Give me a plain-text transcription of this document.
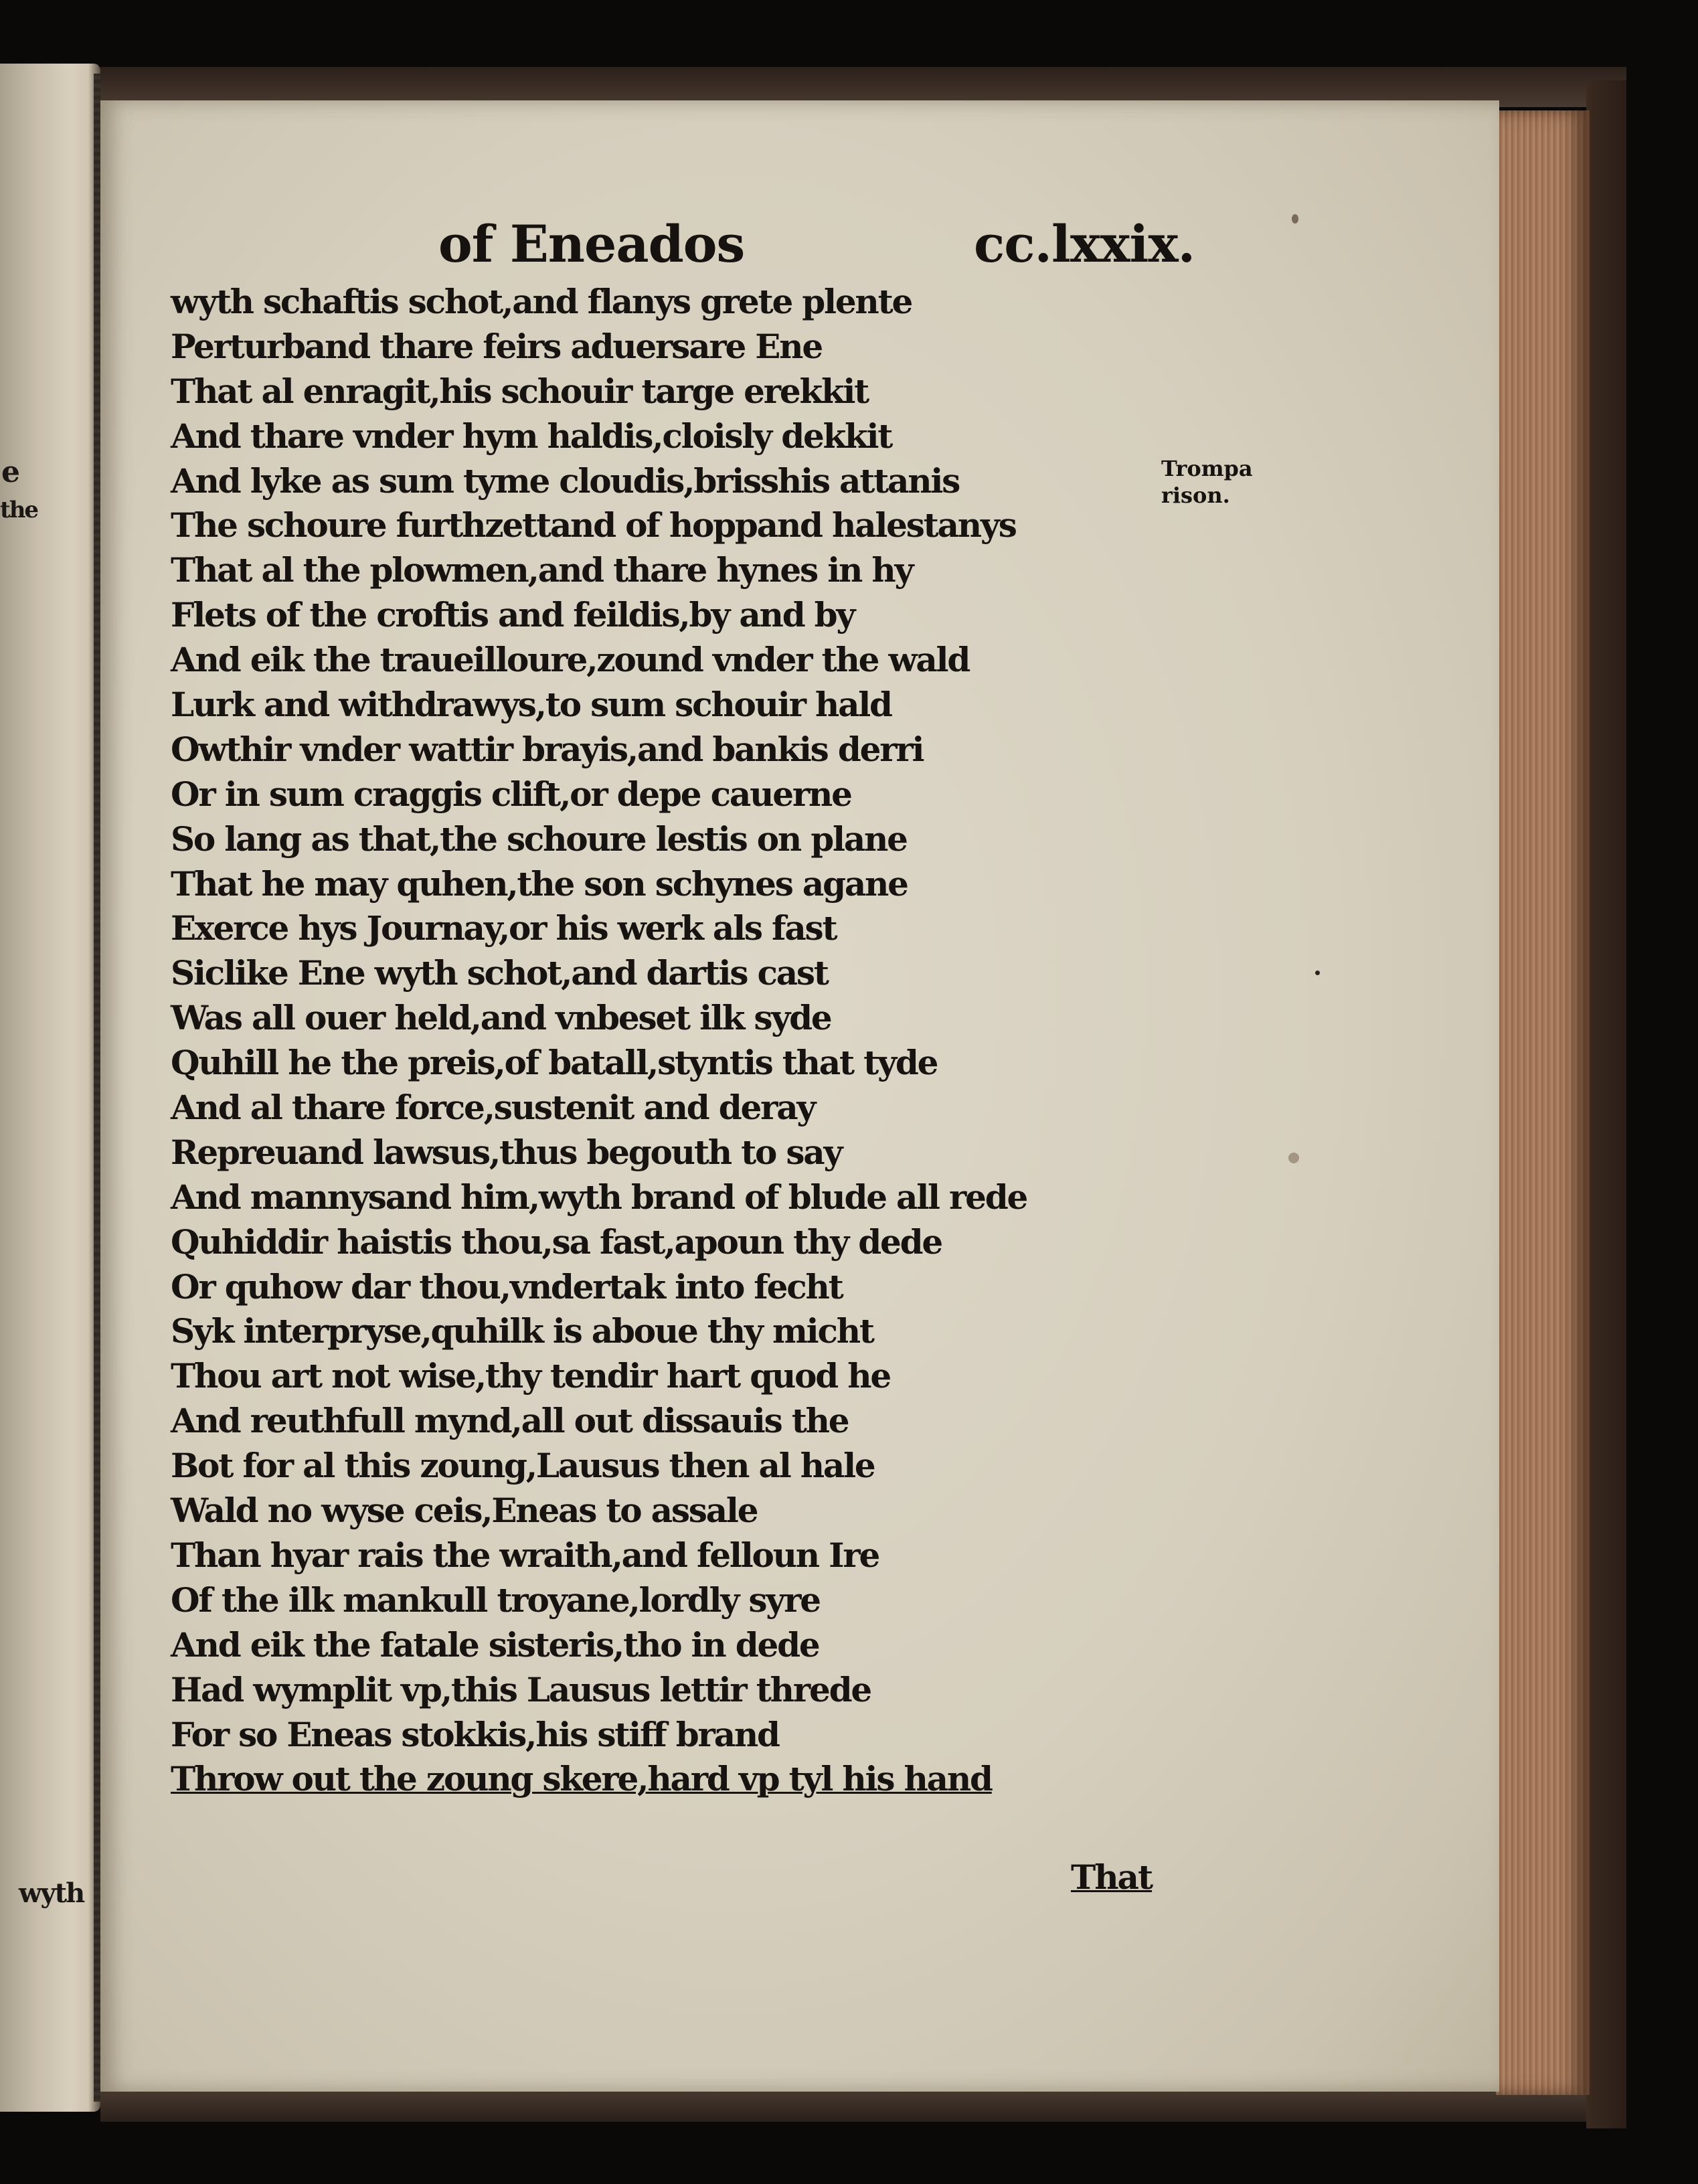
e
the
wyth
of Eneados	cc.lxxix.
wyth schaftis schot,and flanys grete plente
Perturband thare feirs aduersare Ene
That al enragit,his schouir targe erekkit
And thare vnder hym haldis,cloisly dekkit
And lyke as sum tyme cloudis,brisshis attanis
The schoure furthzettand of hoppand halestanys
That al the plowmen,and thare hynes in hy
Flets of the croftis and feildis,by and by
And eik the traueilloure,zound vnder the wald
Lurk and withdrawys,to sum schouir hald
Owthir vnder wattir brayis,and bankis derri
Or in sum craggis clift,or depe cauerne
So lang as that,the schoure lestis on plane
That he may quhen,the son schynes agane
Exerce hys Journay,or his werk als fast
Siclike Ene wyth schot,and dartis cast
Was all ouer held,and vnbeset ilk syde
Quhill he the preis,of batall,styntis that tyde
And al thare force,sustenit and deray
Repreuand lawsus,thus begouth to say
And mannysand him,wyth brand of blude all rede
Quhiddir haistis thou,sa fast,apoun thy dede
Or quhow dar thou,vndertak into fecht
Syk interpryse,quhilk is aboue thy micht
Thou art not wise,thy tendir hart quod he
And reuthfull mynd,all out dissauis the
Bot for al this zoung,Lausus then al hale
Wald no wyse ceis,Eneas to assale
Than hyar rais the wraith,and felloun Ire
Of the ilk mankull troyane,lordly syre
And eik the fatale sisteris,tho in dede
Had wymplit vp,this Lausus lettir threde
For so Eneas stokkis,his stiff brand
Throw out the zoung skere,hard vp tyl his hand
Trompa
rison.
That
